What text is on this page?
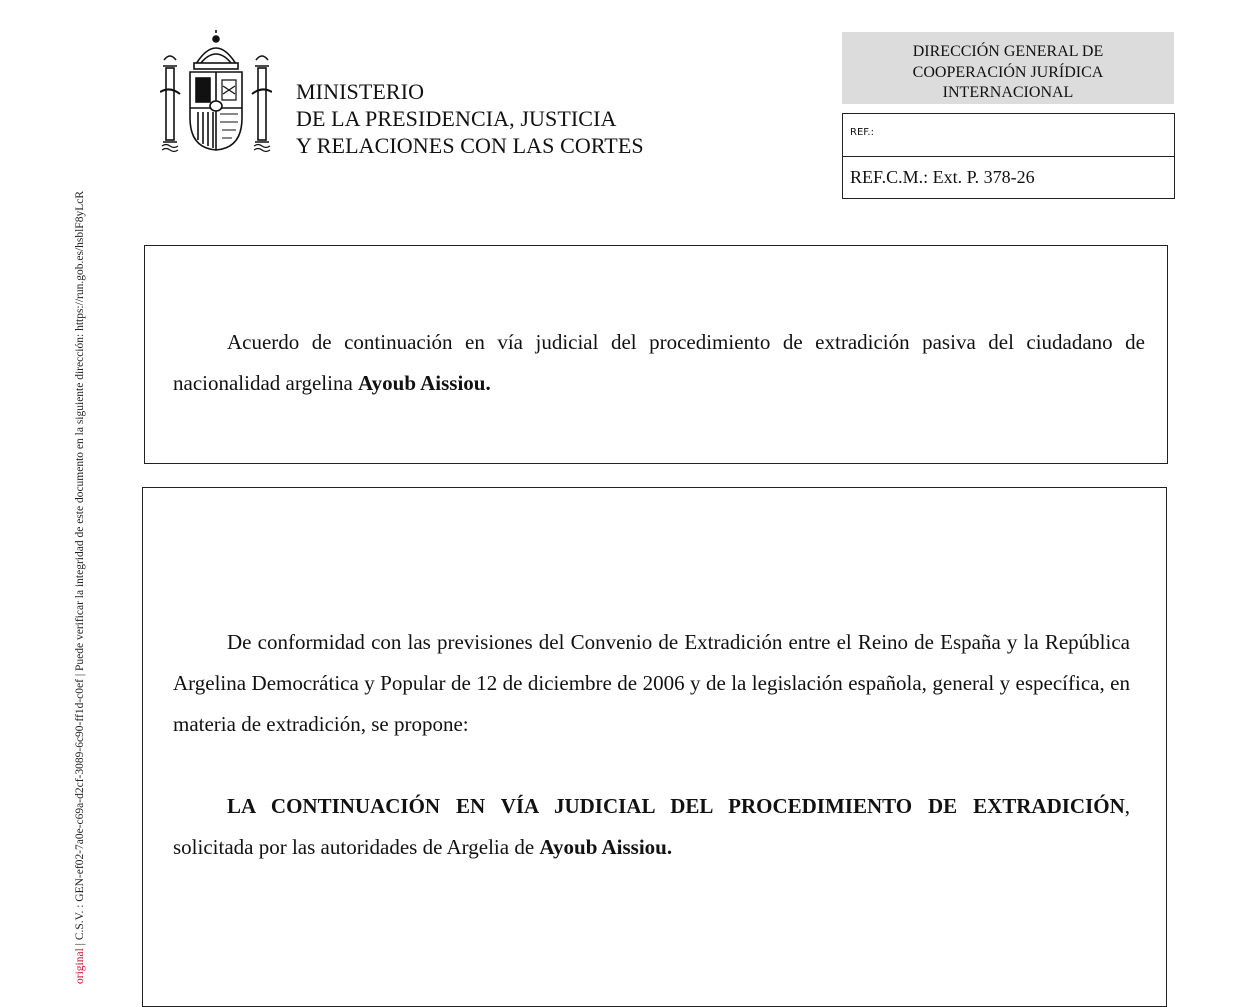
original | C.S.V. : GEN-ef02-7a0e-c69a-d2cf-3089-6c90-ff1d-c0ef | Puede verificar la integridad de este documento en la siguiente dirección: https://run.gob.es/hsblF8yLcR
MINISTERIO
DE LA PRESIDENCIA, JUSTICIA
Y RELACIONES CON LAS CORTES
DIRECCIÓN GENERAL DE
COOPERACIÓN JURÍDICA
INTERNACIONAL
REF.:
REF.C.M.: Ext. P. 378-26
Acuerdo de continuación en vía judicial del procedimiento de extradición pasiva del ciudadano de nacionalidad argelina Ayoub Aissiou.
De conformidad con las previsiones del Convenio de Extradición entre el Reino de España y la República Argelina Democrática y Popular de 12 de diciembre de 2006 y de la legislación española, general y específica, en materia de extradición, se propone:
LA CONTINUACIÓN EN VÍA JUDICIAL DEL PROCEDIMIENTO DE EXTRADICIÓN, solicitada por las autoridades de Argelia de Ayoub Aissiou.
